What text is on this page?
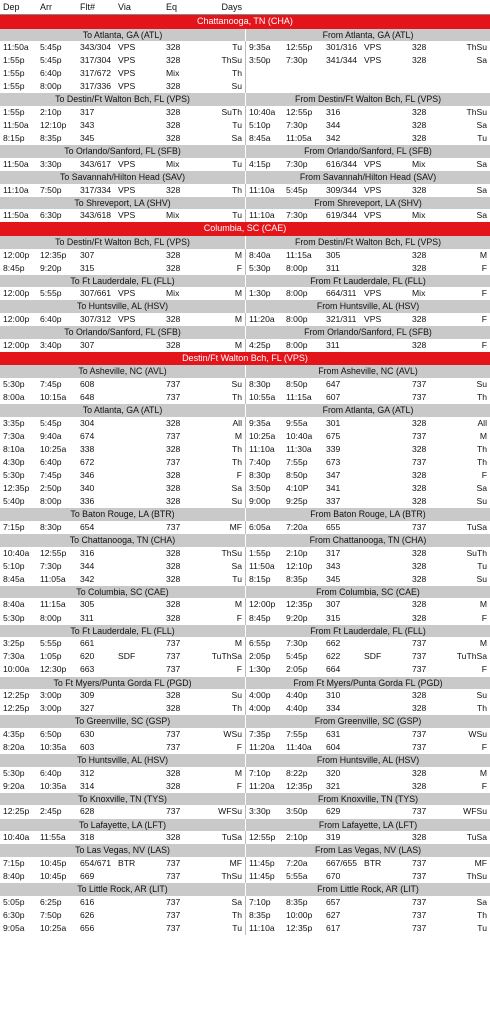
Dep Arr	Flt#	Via	Eq	Days
Chattanooga, TN (CHA)
To Atlanta, GA (ATL)	From Atlanta, GA (ATL)
11:50a 5:45p 343/304 VPS	328	Tu 9:35a 12:55p 301/316 VPS	328	ThSu
1:55p 5:45p 317/304 VPS	328	ThSu 3:50p 7:30p 341/344 VPS	328	Sa
1:55p 6:40p 317/672 VPS	Mix	Th
1:55p 8:00p 317/336 VPS	328	Su
To Destin/Ft Walton Bch, FL (VPS)	From Destin/Ft Walton Bch, FL (VPS)
1:55p 2:10p 317	328	SuTh 10:40a 12:55p 316	328	ThSu
11:50a 12:10p 343	328	Tu 5:10p 7:30p 344	328	Sa
8:15p 8:35p 345	328	Sa 8:45a 11:05a 342	328	Tu
To Orlando/Sanford, FL (SFB)	From Orlando/Sanford, FL (SFB)
11:50a 3:30p 343/617 VPS	Mix	Tu 4:15p 7:30p 616/344 VPS	Mix	Sa
To Savannah/Hilton Head (SAV)	From Savannah/Hilton Head (SAV)
11:10a 7:50p 317/334 VPS	328	Th 11:10a 5:45p 309/344 VPS	328	Sa
To Shreveport, LA (SHV)	From Shreveport, LA (SHV)
11:50a 6:30p 343/618 VPS	Mix	Tu 11:10a 7:30p 619/344 VPS	Mix	Sa
Columbia, SC (CAE)
To Destin/Ft Walton Bch, FL (VPS)	From Destin/Ft Walton Bch, FL (VPS)
12:00p 12:35p 307	328	M 8:40a 11:15a 305	328	M
8:45p 9:20p 315	328	F 5:30p 8:00p 311	328	F
To Ft Lauderdale, FL (FLL)	From Ft Lauderdale, FL (FLL)
12:00p 5:55p 307/661 VPS	Mix	M 1:30p 8:00p 664/311 VPS	Mix	F
To Huntsville, AL (HSV)	From Huntsville, AL (HSV)
12:00p 6:40p 307/312 VPS	328	M 11:20a 8:00p 321/311 VPS	328	F
To Orlando/Sanford, FL (SFB)	From Orlando/Sanford, FL (SFB)
12:00p 3:40p 307	328	M 4:25p 8:00p 311	328	F
Destin/Ft Walton Bch, FL (VPS)
To Asheville, NC (AVL)	From Asheville, NC (AVL)
5:30p 7:45p 608	737	Su 8:30p 8:50p 647	737	Su
8:00a 10:15a 648	737	Th 10:55a 11:15a 607	737	Th
To Atlanta, GA (ATL)	From Atlanta, GA (ATL)
3:35p 5:45p 304	328	All 9:35a 9:55a 301	328	All
7:30a 9:40a 674	737	M 10:25a 10:40a 675	737	M
8:10a 10:25a 338	328	Th 11:10a 11:30a 339	328	Th
4:30p 6:40p 672	737	Th 7:40p 7:55p 673	737	Th
5:30p 7:45p 346	328	F 8:30p 8:50p 347	328	F
12:35p 2:50p 340	328	Sa 3:50p 4:10P 341	328	Sa
5:40p 8:00p 336	328	Su 9:00p 9:25p 337	328	Su
To Baton Rouge, LA (BTR)	From Baton Rouge, LA (BTR)
7:15p 8:30p 654	737	MF 6:05a 7:20a 655	737	TuSa
To Chattanooga, TN (CHA)	From Chattanooga, TN (CHA)
10:40a 12:55p 316	328	ThSu 1:55p 2:10p 317	328	SuTh
5:10p 7:30p 344	328	Sa 11:50a 12:10p 343	328	Tu
8:45a 11:05a 342	328	Tu 8:15p 8:35p 345	328	Su
To Columbia, SC (CAE)	From Columbia, SC (CAE)
8:40a 11:15a 305	328	M 12:00p 12:35p 307	328	M
5:30p 8:00p 311	328	F 8:45p 9:20p 315	328	F
To Ft Lauderdale, FL (FLL)	From Ft Lauderdale, FL (FLL)
3:25p 5:55p 661	737	M 6:55p 7:30p 662	737	M
7:30a 1:05p 620	SDF	737	TuThSa 2:05p 5:45p 622	SDF	737	TuThSa
10:00a 12:30p 663	737	F 1:30p 2:05p 664	737	F
To Ft Myers/Punta Gorda FL (PGD)	From Ft Myers/Punta Gorda FL (PGD)
12:25p 3:00p 309	328	Su 4:00p 4:40p 310	328	Su
12:25p 3:00p 327	328	Th 4:00p 4:40p 334	328	Th
To Greenville, SC (GSP)	From Greenville, SC (GSP)
4:35p 6:50p 630	737	WSu 7:35p 7:55p 631	737	WSu
8:20a 10:35a 603	737	F 11:20a 11:40a 604	737	F
To Huntsville, AL (HSV)	From Huntsville, AL (HSV)
5:30p 6:40p 312	328	M 7:10p 8:22p 320	328	M
9:20a 10:35a 314	328	F 11:20a 12:35p 321	328	F
To Knoxville, TN (TYS)	From Knoxville, TN (TYS)
12:25p 2:45p 628	737	WFSu 3:30p 3:50p 629	737	WFSu
To Lafayette, LA (LFT)	From Lafayette, LA (LFT)
10:40a 11:55a 318	328	TuSa 12:55p 2:10p 319	328	TuSa
To Las Vegas, NV (LAS)	From Las Vegas, NV (LAS)
7:15p 10:45p 654/671 BTR	737	MF 11:45p 7:20a 667/655 BTR	737	MF
8:40p 10:45p 669	737	ThSu 11:45p 5:55a 670	737	ThSu
To Little Rock, AR (LIT)	From Little Rock, AR (LIT)
5:05p 6:25p 616	737	Sa 7:10p 8:35p 657	737	Sa
6:30p 7:50p 626	737	Th 8:35p 10:00p 627	737	Th
9:05a 10:25a 656	737	Tu 11:10a 12:35p 617	737	Tu
